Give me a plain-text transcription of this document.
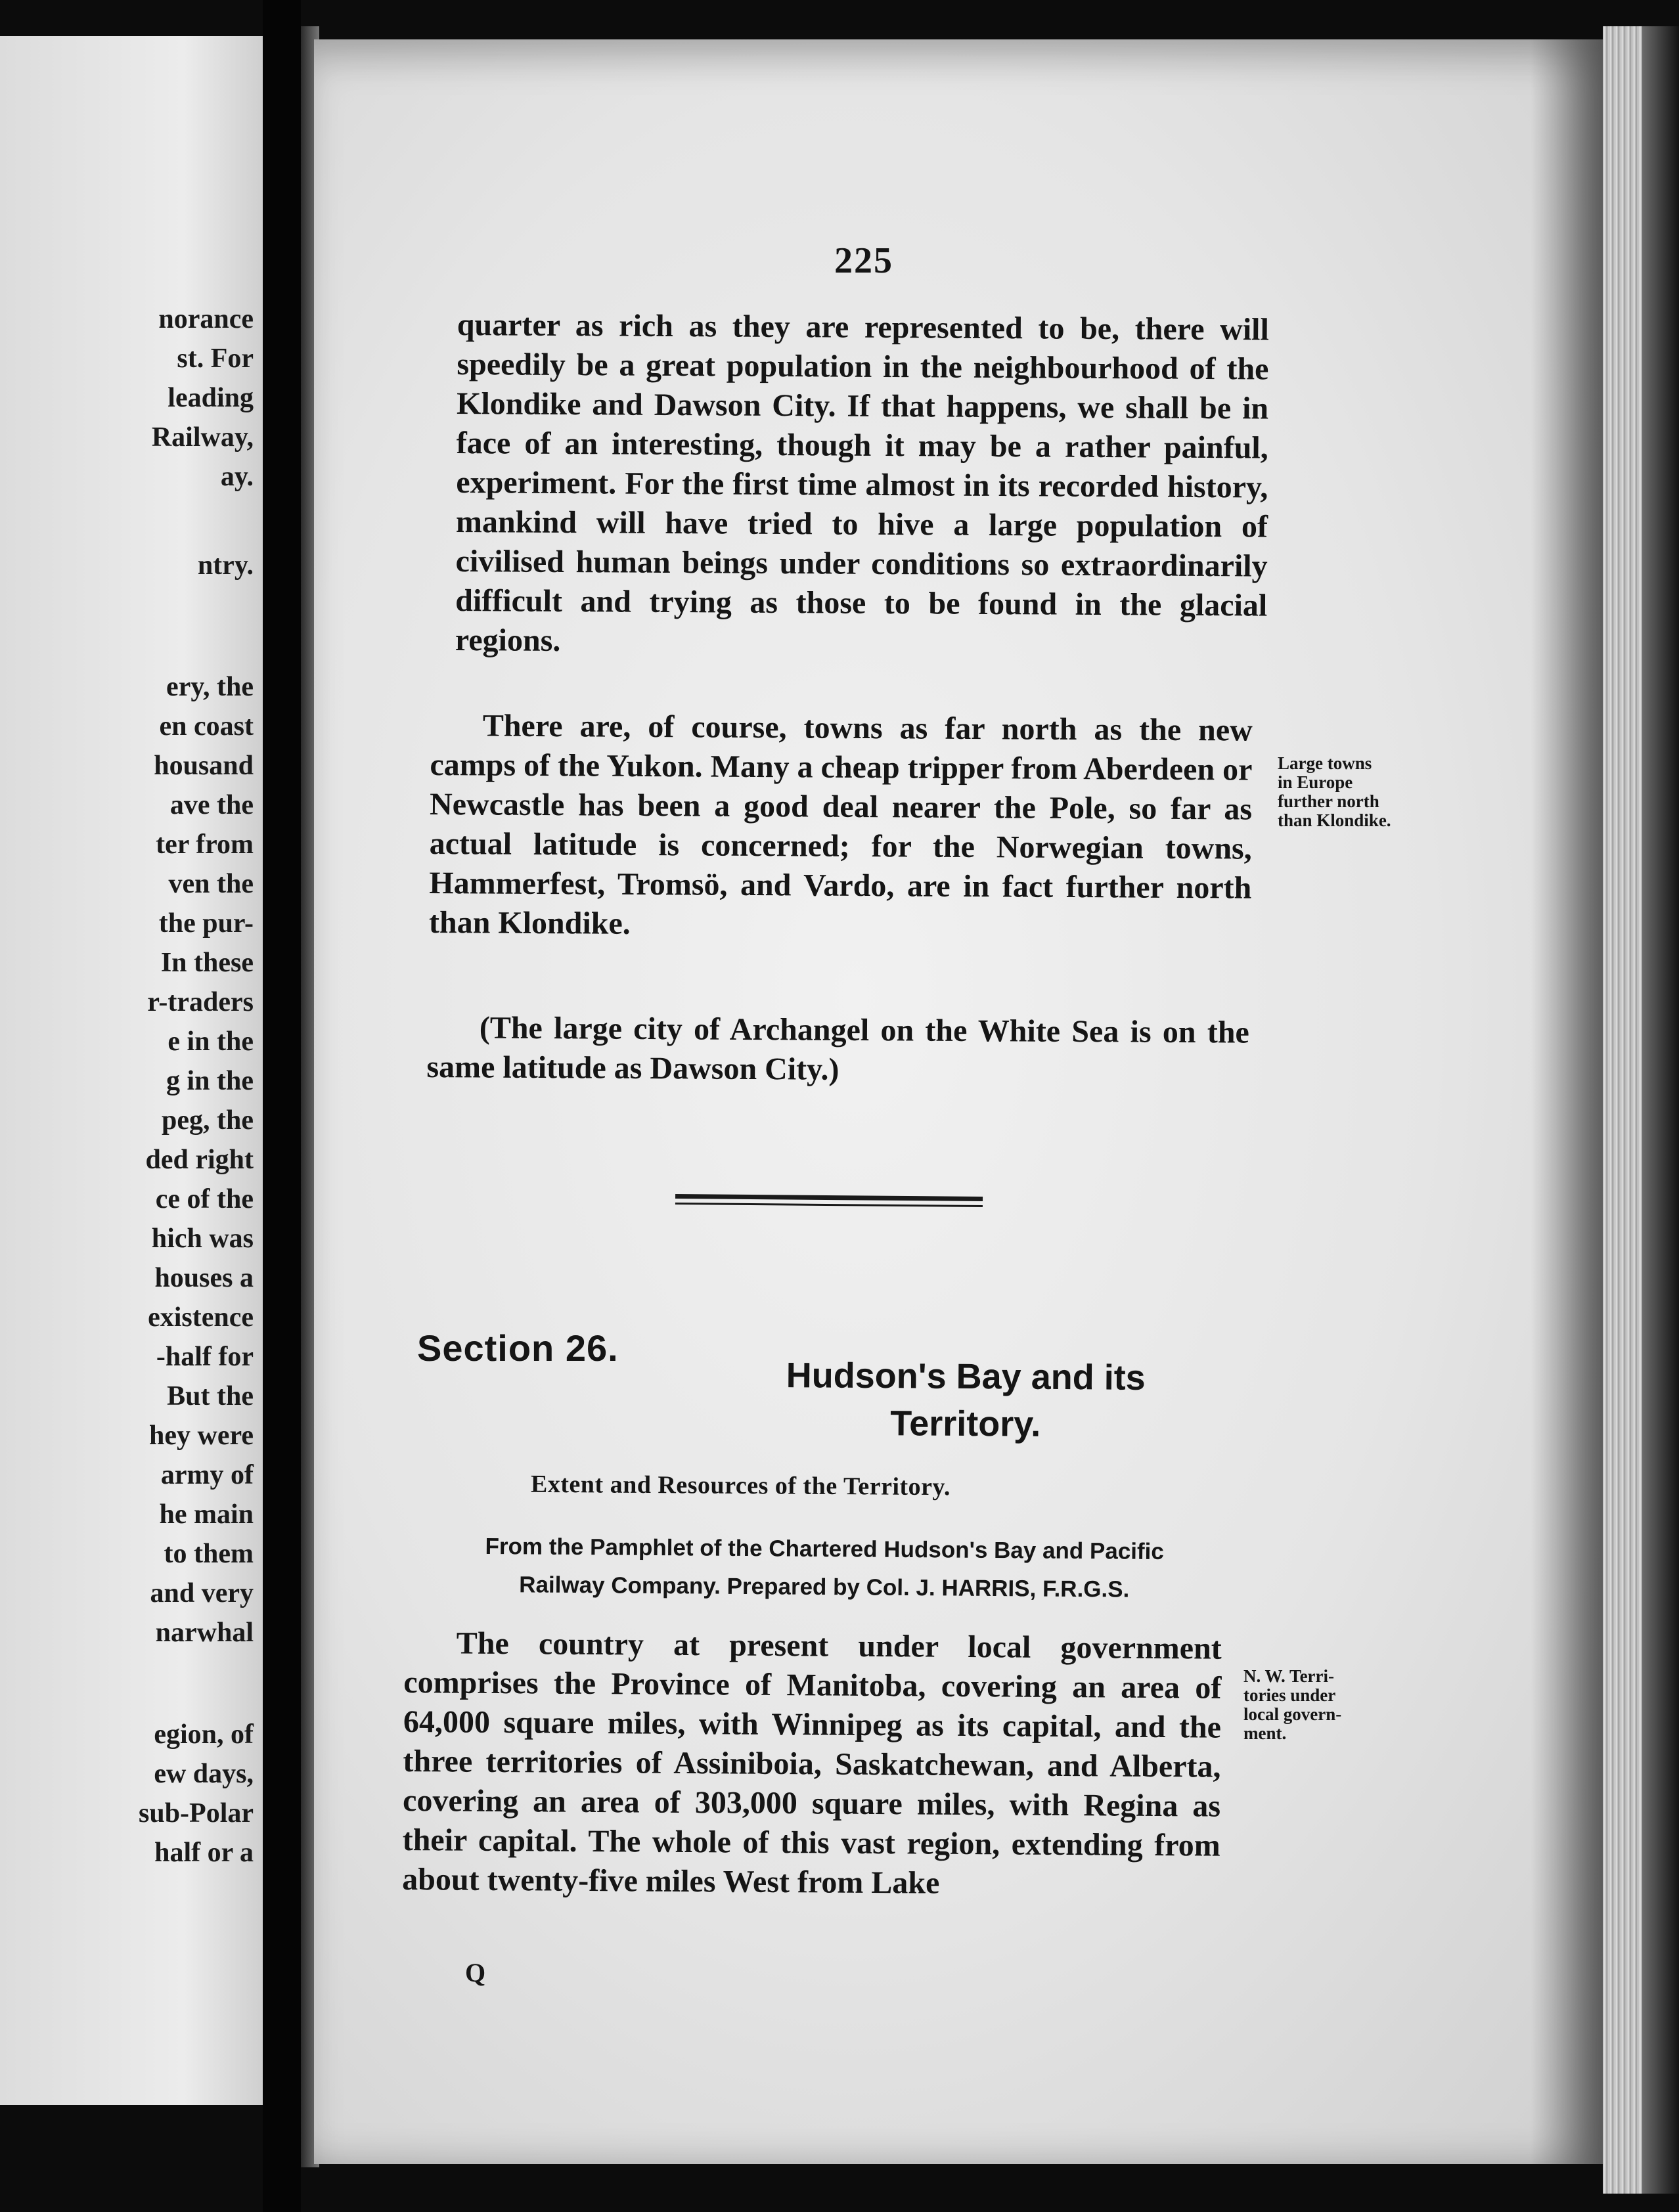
norance
st. For
leading
Railway,
ay.
ntry.
ery, the
en coast
housand
ave the
ter from
ven the
the pur-
In these
r-traders
e in the
g in the
peg, the
ded right
ce of the
hich was
houses a
existence
-half for
But the
hey were
army of
he main
to them
and very
narwhal
egion, of
ew days,
sub-Polar
half or a
225

quarter as rich as they are represented to be, there will speedily be a great population in the neighbourhood of the Klondike and Dawson City. If that happens, we shall be in face of an interesting, though it may be a rather painful, experiment. For the first time almost in its recorded history, mankind will have tried to hive a large population of civilised human beings under conditions so extraordinarily difficult and trying as those to be found in the glacial regions.

There are, of course, towns as far north as the new camps of the Yukon. Many a cheap tripper from Aberdeen or Newcastle has been a good deal nearer the Pole, so far as actual latitude is concerned; for the Norwegian towns, Hammerfest, Tromsö, and Vardo, are in fact further north than Klondike.

Large towns
in Europe
further north
than Klondike.

(The large city of Archangel on the White Sea is on the same latitude as Dawson City.)

Section 26.
Hudson's Bay and its Territory.
Extent and Resources of the Territory.
From the Pamphlet of the Chartered Hudson's Bay and Pacific Railway Company. Prepared by Col. J. HARRIS, F.R.G.S.

The country at present under local government comprises the Province of Manitoba, covering an area of 64,000 square miles, with Winnipeg as its capital, and the three territories of Assiniboia, Saskatchewan, and Alberta, covering an area of 303,000 square miles, with Regina as their capital. The whole of this vast region, extending from about twenty-five miles West from Lake

N. W. Terri-
tories under
local govern-
ment.
Q
